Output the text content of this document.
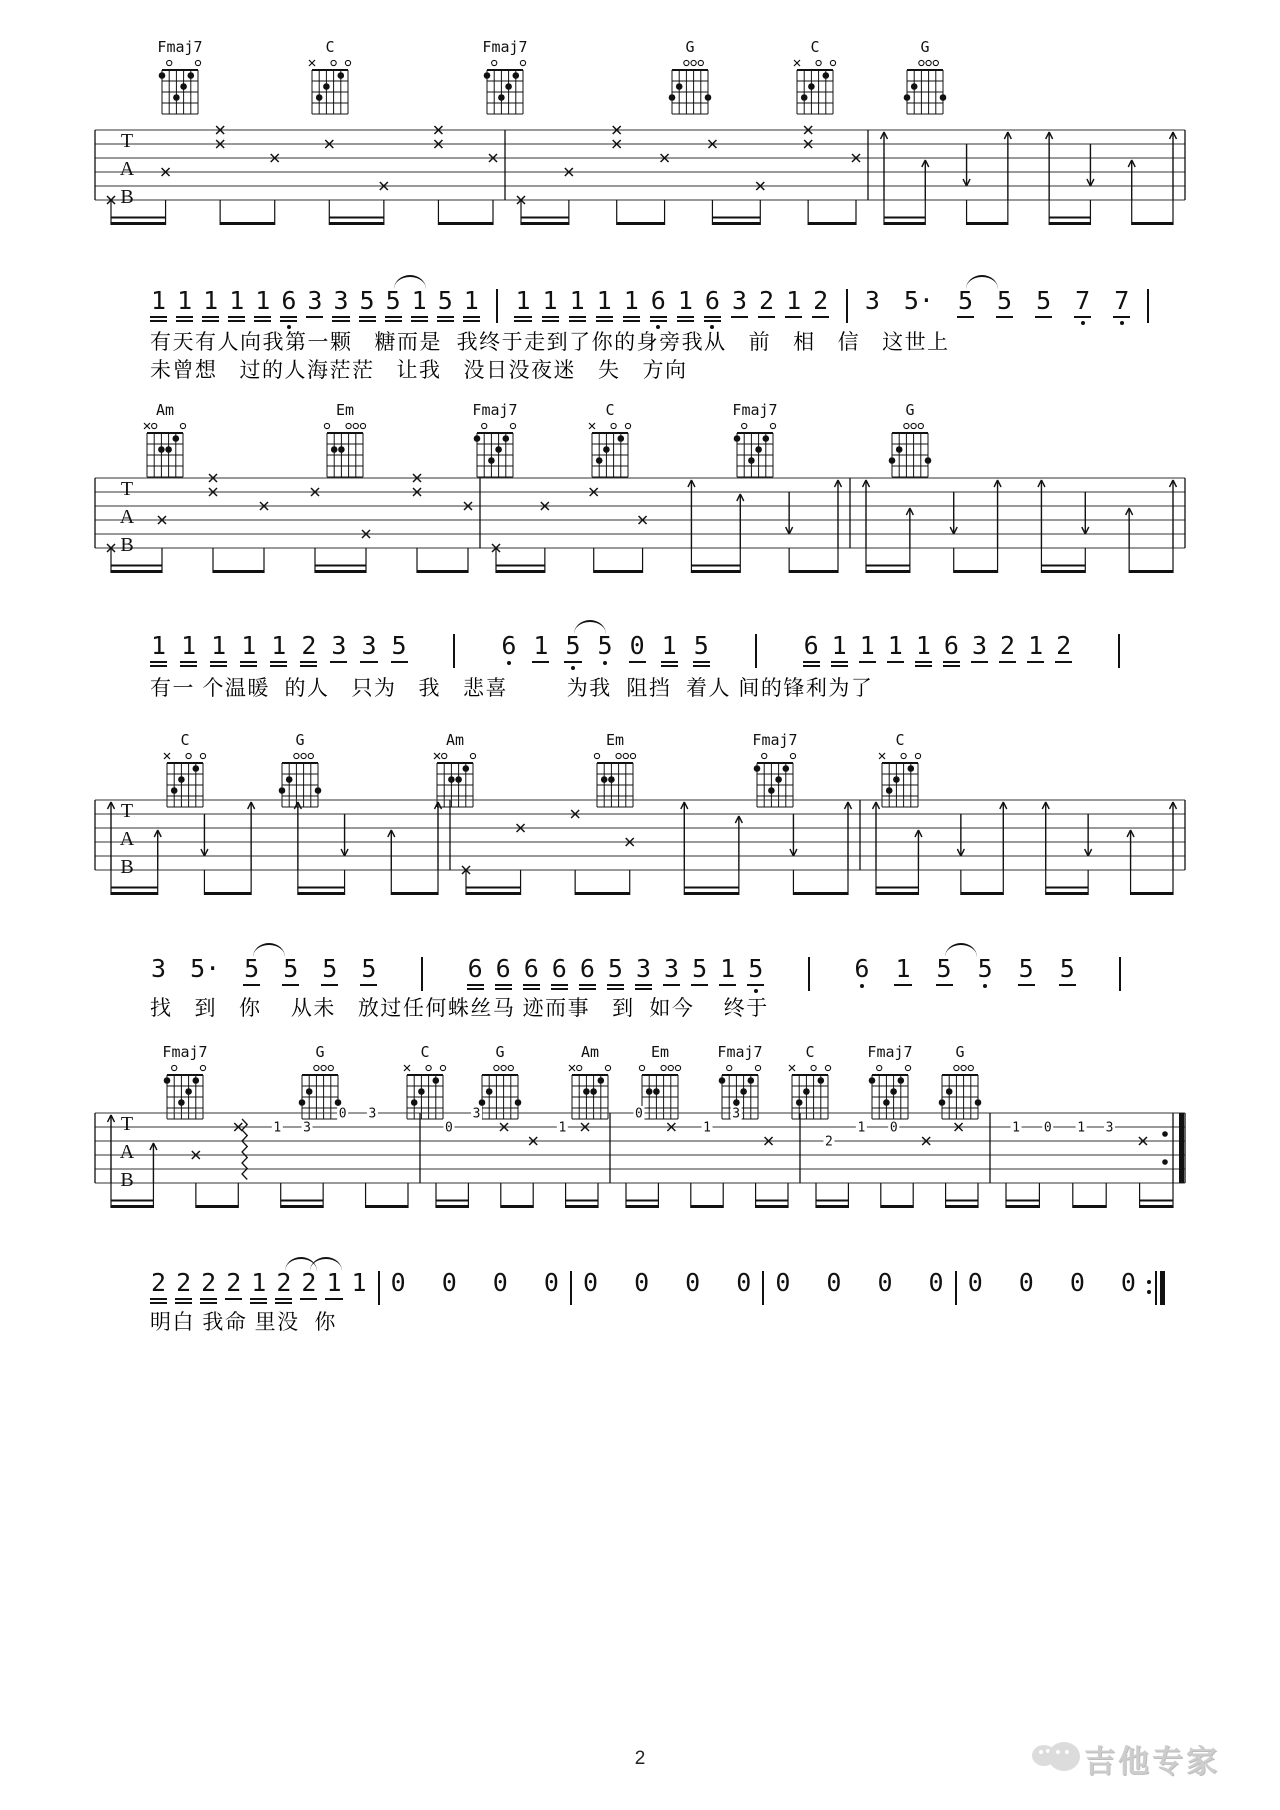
Fmaj7	C	Fmaj7	G	C	G
T
A
B
1 1 1 1 1 6 3 3 5 5 1 5 1 1 1 1 1 1 6 1 6 3 2 1 2 3 5· 5 5 5 7 7
有天有人向我第一颗   糖而是  我终于走到了你的身旁我从   前   相   信   这世上
未曾想   过的人海茫茫   让我   没日没夜迷   失   方向
Am	Em	Fmaj7	C	Fmaj7	G
T
A
B
1 1 1 1 1 2 3 3 5	6 1 5 5 0 1 5	6 1 1 1 1 6 3 2 1 2
有一 个温暖  的人   只为   我   悲喜        为我  阻挡  着人 间的锋利为了
C	G	Am	Em	Fmaj7	C
T
A
B
3 5· 5 5 5 5	6 6 6 6 6 5 3 3 5 1 5	6 1 5 5 5 5
找   到   你    从未   放过任何蛛丝马 迹而事   到  如今    终于
Fmaj7	G	C	G	Am	Em	Fmaj7	C	Fmaj7	G
T
A
B
1 3
0 3
0
3
1
0
1
3
2
1 0	1 0 1 3
2 2 2 2 1 2 2 1 1 0 0 0 0 0 0 0 0 0 0 0 0 0 0 0 0
明白 我命 里没  你
2	吉他专家
